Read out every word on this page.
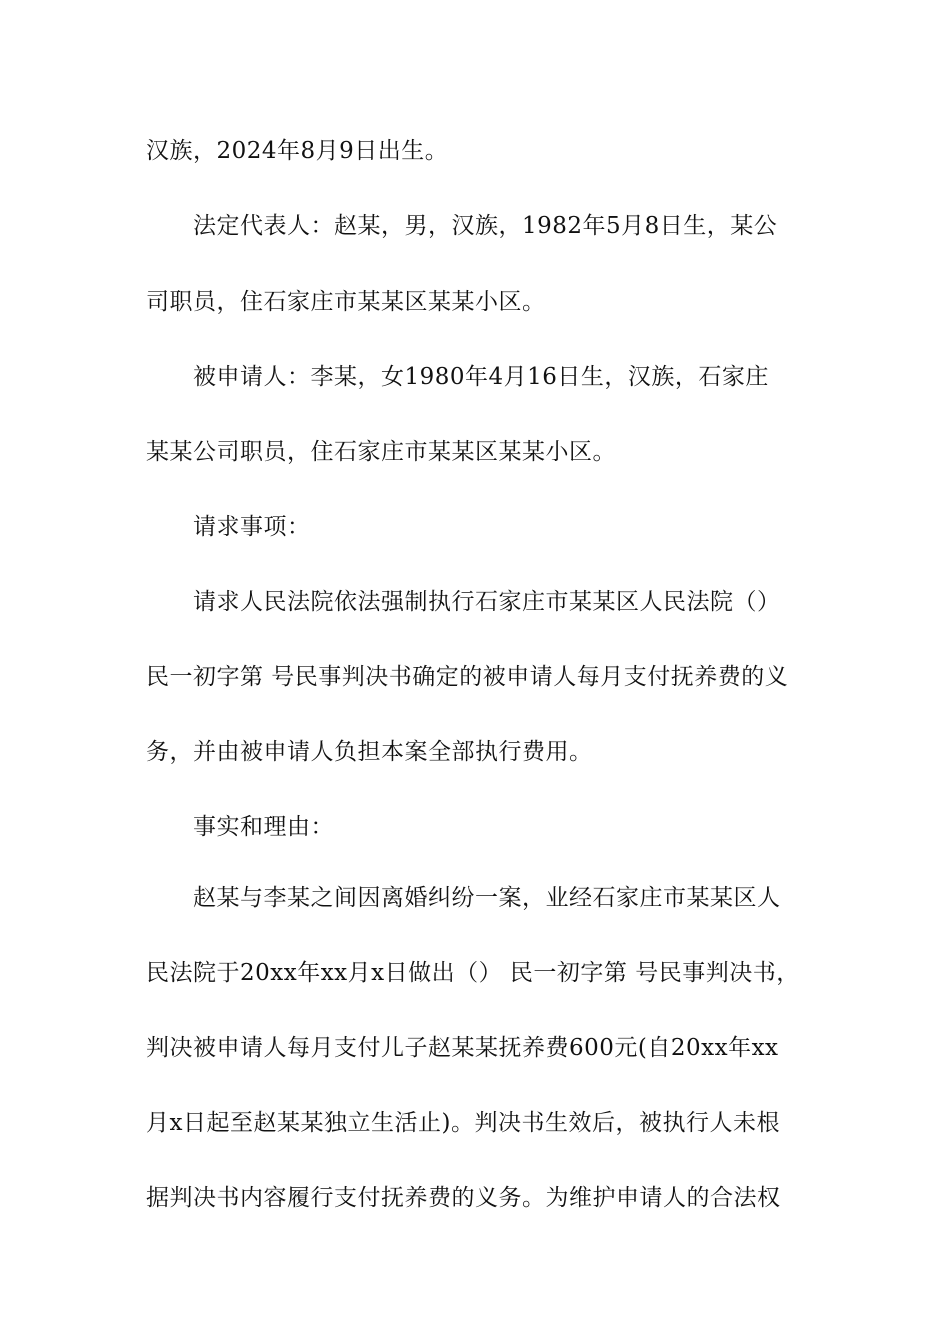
汉族，2024年8月9日出生。
法定代表人：赵某，男，汉族，1982年5月8日生，某公
司职员，住石家庄市某某区某某小区。
被申请人：李某，女1980年4月16日生，汉族，石家庄
某某公司职员，住石家庄市某某区某某小区。
请求事项：
请求人民法院依法强制执行石家庄市某某区人民法院（）
民一初字第 号民事判决书确定的被申请人每月支付抚养费的义
务，并由被申请人负担本案全部执行费用。
事实和理由：
赵某与李某之间因离婚纠纷一案，业经石家庄市某某区人
民法院于20xx年xx月x日做出（） 民一初字第 号民事判决书，
判决被申请人每月支付儿子赵某某抚养费600元(自20xx年xx
月x日起至赵某某独立生活止)。判决书生效后，被执行人未根
据判决书内容履行支付抚养费的义务。为维护申请人的合法权
